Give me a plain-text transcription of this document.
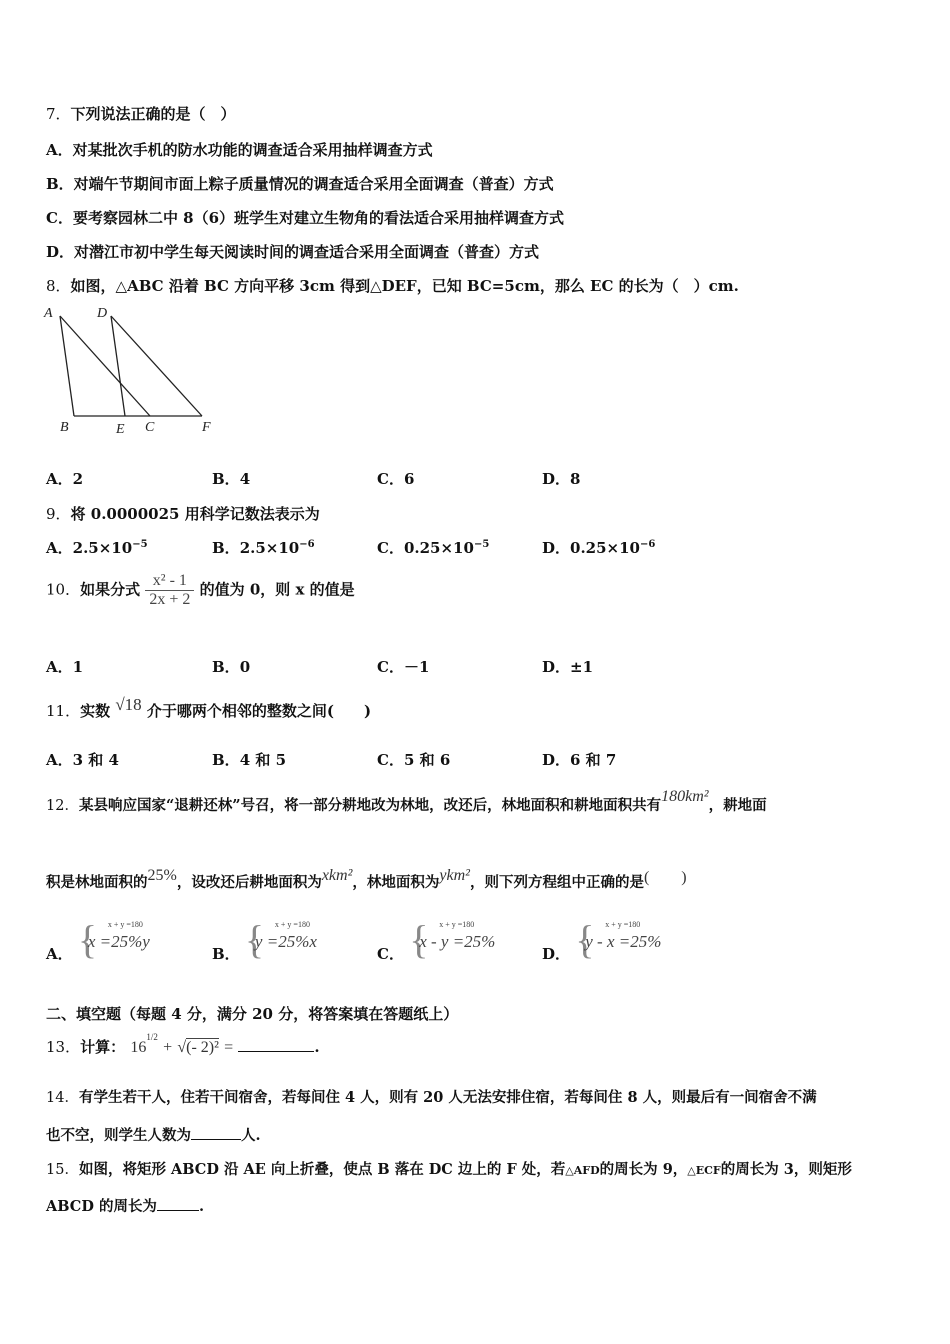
7．下列说法正确的是（　）
A．对某批次手机的防水功能的调查适合采用抽样调查方式
B．对端午节期间市面上粽子质量情况的调查适合采用全面调查（普查）方式
C．要考察园林二中 8（6）班学生对建立生物角的看法适合采用抽样调查方式
D．对潜江市初中学生每天阅读时间的调查适合采用全面调查（普查）方式
8．如图，△ABC 沿着 BC 方向平移 3cm 得到△DEF，已知 BC=5cm，那么 EC 的长为（　）cm.
A	D
B	E C	F
A．2	B．4	C．6	D．8
9．将 0.0000025 用科学记数法表示为
A．$2.5\times 10^{-5}$	B．$2.5\times 10^{-6}$	C．$0.25\times 10^{-5}$	D．$0.25\times 10^{-6}$
10．如果分式 $\frac{\text{x² - 1}}{2x + 2}$ 的值为 0，则 x 的值是
A．1	B．0	C．－1	D．±1
11．实数 √18 介于哪两个相邻的整数之间(　　)
A．3 和 4	B．4 和 5	C．5 和 6	D．6 和 7
12．某县响应国家“退耕还林”号召，将一部分耕地改为林地，改还后，林地面积和耕地面积共有180km²，耕地面
积是林地面积的25%，设改还后耕地面积为xkm²，林地面积为ykm²，则下列方程组中正确的是(　　)
A． { x + y =180
x =25%y
B． { x + y =180
y =25%x
C． { x + y =180
x - y =25%
D． { x + y =180
y - x =25%
二、填空题（每题 4 分，满分 20 分，将答案填在答题纸上）
13．计算： $16^{1/2}$ + √(- 2)² =	.
14．有学生若干人，住若干间宿舍，若每间住 4 人，则有 20 人无法安排住宿，若每间住 8 人，则最后有一间宿舍不满
也不空，则学生人数为	人.
15．如图，将矩形 ABCD 沿 AE 向上折叠，使点 B 落在 DC 边上的 F 处，若△AFD的周长为 9，△ECF的周长为 3，则矩形
ABCD 的周长为	.
